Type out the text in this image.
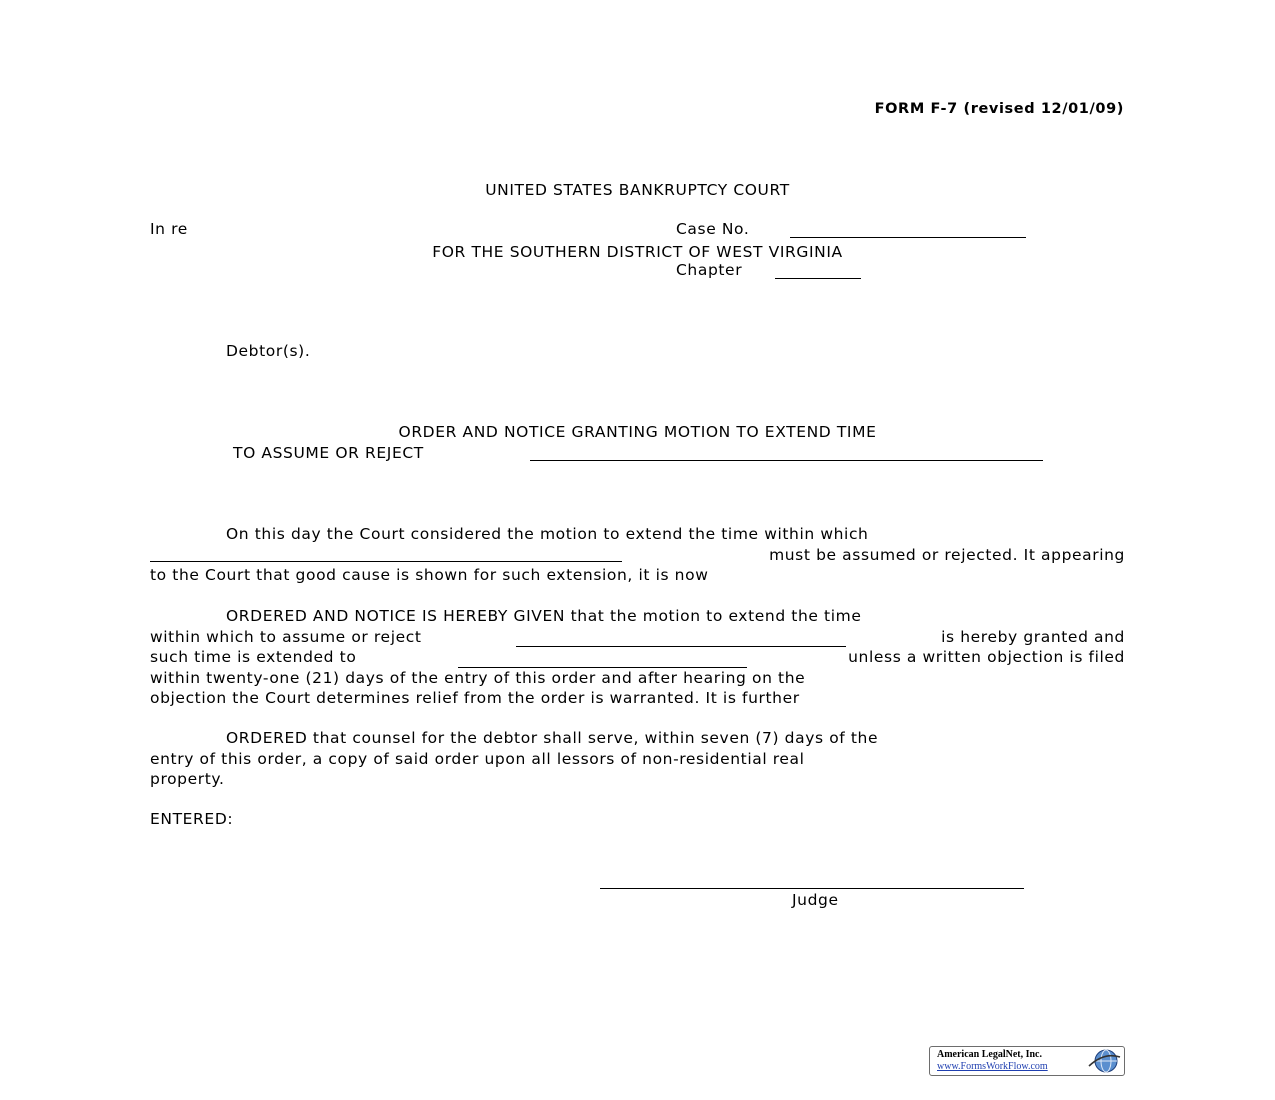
FORM F-7 (revised 12/01/09)

UNITED STATES BANKRUPTCY COURT

FOR THE SOUTHERN DISTRICT OF WEST VIRGINIA

In re	Case No.
Chapter
Debtor(s).
ORDER AND NOTICE GRANTING MOTION TO EXTEND TIME
TO ASSUME OR REJECT
On this day the Court considered the motion to extend the time within which
must be assumed or rejected. It appearing
to the Court that good cause is shown for such extension, it is now
ORDERED AND NOTICE IS HEREBY GIVEN that the motion to extend the time
within which to assume or reject	is hereby granted and
such time is extended to	unless a written objection is filed
within twenty-one (21) days of the entry of this order and after hearing on the
objection the Court determines relief from the order is warranted. It is further
ORDERED that counsel for the debtor shall serve, within seven (7) days of the
entry of this order, a copy of said order upon all lessors of non-residential real
property.
ENTERED:
Judge
American LegalNet, Inc.
www.FormsWorkFlow.com
